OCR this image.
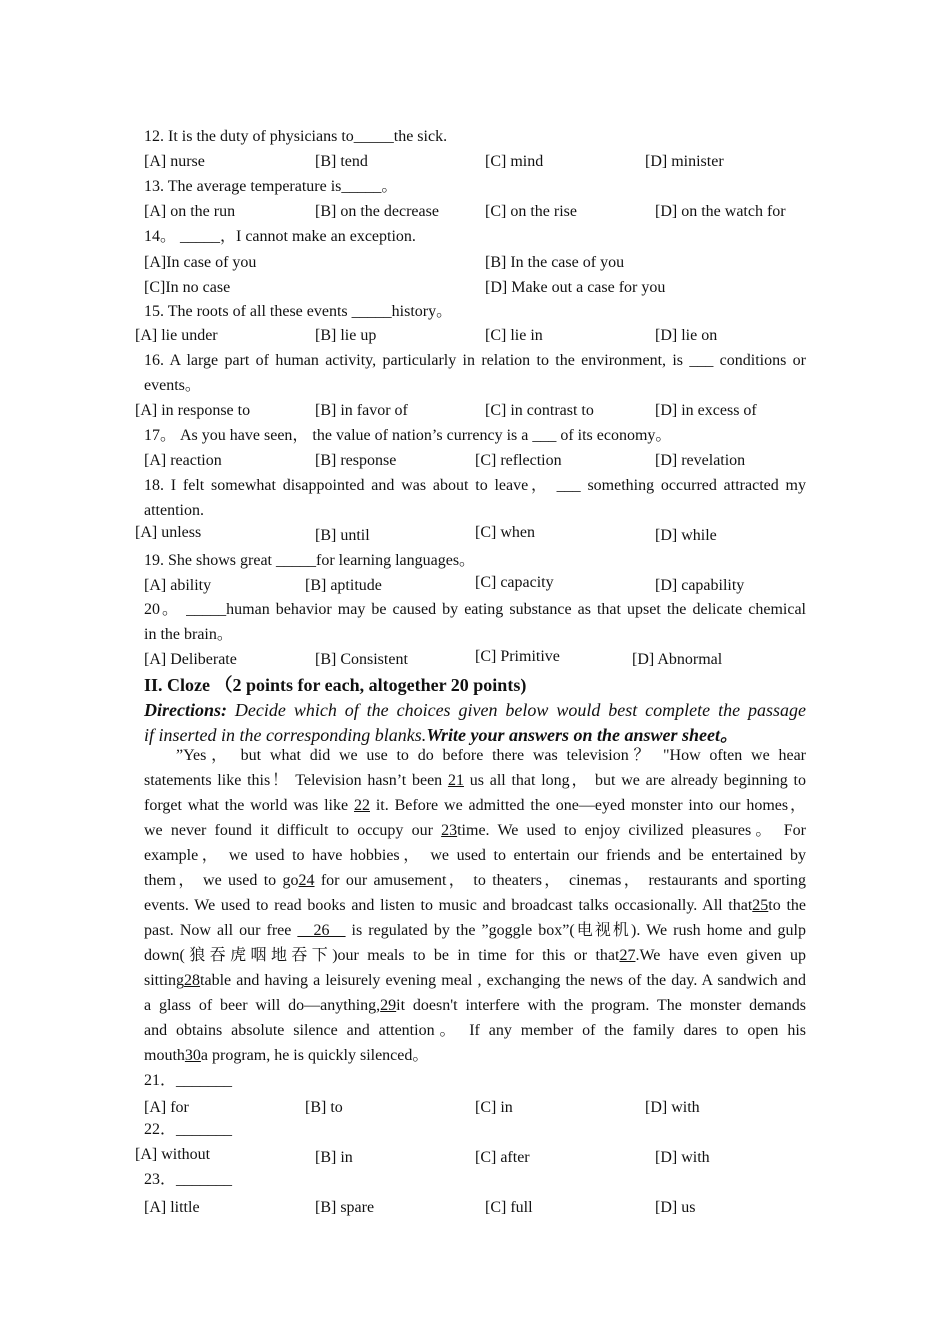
12. It is the duty of physicians to_____the sick.
[A] nurse	[B] tend	[C] mind	[D] minister
13. The average temperature is_____。
[A] on the run	[B] on the decrease	[C] on the rise	[D] on the watch for
14。 _____，I cannot make an exception.
[A]In case of you	[B] In the case of you
[C]In no case	[D] Make out a case for you
15. The roots of all these events _____history。
[A] lie under	[B] lie up	[C] lie in	[D] lie on
16. A large part of human activity, particularly in relation to the environment, is ___ conditions or
events。
[A] in response to	[B] in favor of	[C] in contrast to	[D] in excess of
17。 As you have seen， the value of nation’s currency is a ___ of its economy。
[A] reaction	[B] response	[C] reflection	[D] revelation
18. I felt somewhat disappointed and was about to leave， ___ something occurred attracted my
attention.
[A] unless	[B] until	[C] when	[D] while
19. She shows great _____for learning languages。
[A] ability	[B] aptitude	[C] capacity	[D] capability
20。 _____human behavior may be caused by eating substance as that upset the delicate chemical
in the brain。
[A] Deliberate	[B] Consistent	[C] Primitive	[D] Abnormal
II. Cloze （2 points for each, altogether 20 points)
Directions: Decide which of the choices given below would best complete the passage
if inserted in the corresponding blanks.Write your answers on the answer sheet。
”Yes， but what did we use to do before there was television？ "How often we hear
statements like this！ Television hasn’t been 21 us all that long， but we are already beginning to
forget what the world was like 22 it. Before we admitted the one—eyed monster into our homes，
we never found it difficult to occupy our 23time. We used to enjoy civilized pleasures。 For
example， we used to have hobbies， we used to entertain our friends and be entertained by
them， we used to go24 for our amusement， to theaters， cinemas， restaurants and sporting
events. We used to read books and listen to music and broadcast talks occasionally. All that25to the
past. Now all our free __26__ is regulated by the ”goggle box”(电视机). We rush home and gulp
down(狼吞虎咽地吞下)our meals to be in time for this or that27.We have even given up
sitting28table and having a leisurely evening meal , exchanging the news of the day. A sandwich and
a glass of beer will do—anything,29it doesn't interfere with the program. The monster demands
and obtains absolute silence and attention。 If any member of the family dares to open his
mouth30a program, he is quickly silenced。
21．_______
[A] for	[B] to	[C] in	[D] with
22．_______
[A] without	[B] in	[C] after	[D] with
23．_______
[A] little	[B] spare	[C] full	[D] us
